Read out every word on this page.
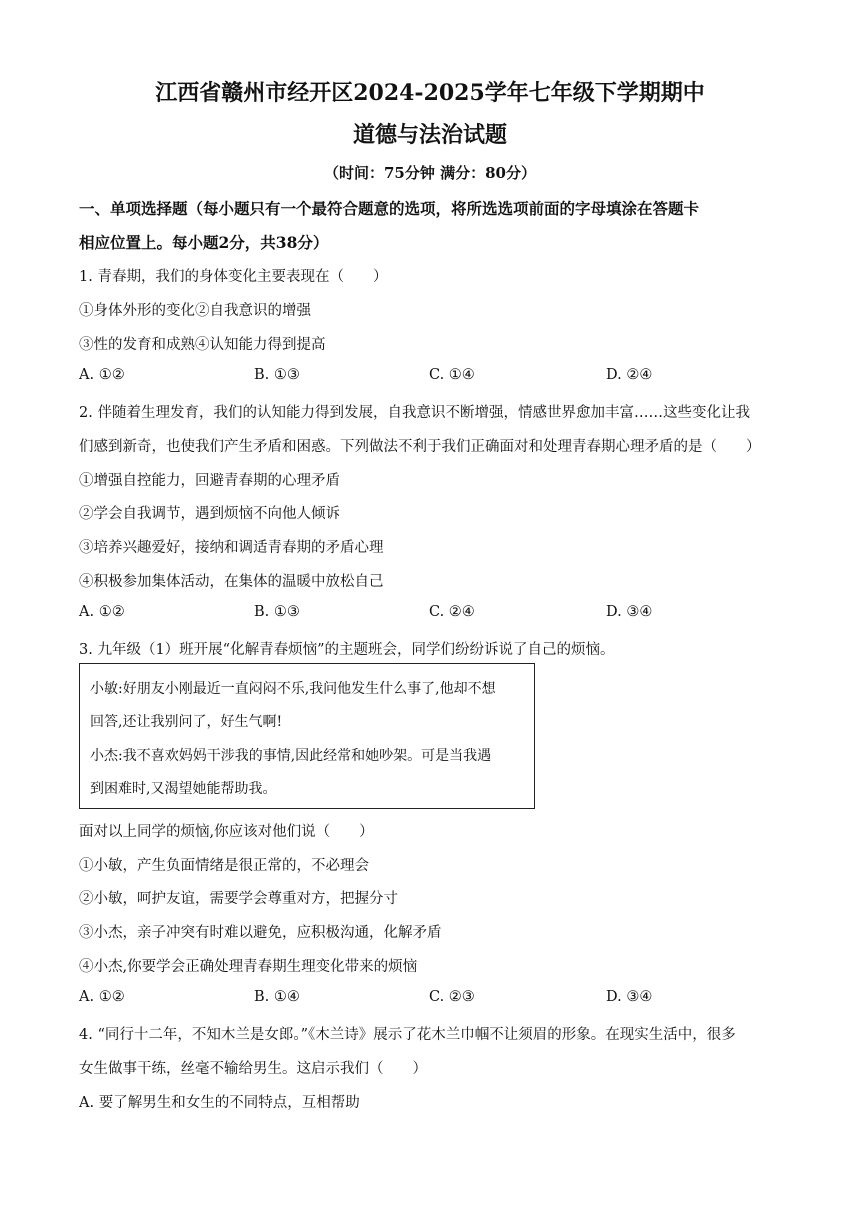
江西省赣州市经开区2024-2025学年七年级下学期期中
道德与法治试题
（时间：75分钟 满分：80分）
一、单项选择题（每小题只有一个最符合题意的选项，将所选选项前面的字母填涂在答题卡
相应位置上。每小题2分，共38分）
1. 青春期，我们的身体变化主要表现在（　　）
①身体外形的变化②自我意识的增强
③性的发育和成熟④认知能力得到提高
A. ①②	B. ①③	C. ①④	D. ②④
2. 伴随着生理发育，我们的认知能力得到发展，自我意识不断增强，情感世界愈加丰富……这些变化让我
们感到新奇，也使我们产生矛盾和困惑。下列做法不利于我们正确面对和处理青春期心理矛盾的是（　　）
①增强自控能力，回避青春期的心理矛盾
②学会自我调节，遇到烦恼不向他人倾诉
③培养兴趣爱好，接纳和调适青春期的矛盾心理
④积极参加集体活动，在集体的温暖中放松自己
A. ①②	B. ①③	C. ②④	D. ③④
3. 九年级（1）班开展“化解青春烦恼”的主题班会，同学们纷纷诉说了自己的烦恼。
小敏:好朋友小刚最近一直闷闷不乐,我问他发生什么事了,他却不想
回答,还让我别问了，好生气啊!
小杰:我不喜欢妈妈干涉我的事情,因此经常和她吵架。可是当我遇
到困难时,又渴望她能帮助我。
面对以上同学的烦恼,你应该对他们说（　　）
①小敏，产生负面情绪是很正常的，不必理会
②小敏，呵护友谊，需要学会尊重对方，把握分寸
③小杰，亲子冲突有时难以避免，应积极沟通，化解矛盾
④小杰,你要学会正确处理青春期生理变化带来的烦恼
A. ①②	B. ①④	C. ②③	D. ③④
4. “同行十二年，不知木兰是女郎。”《木兰诗》展示了花木兰巾帼不让须眉的形象。在现实生活中，很多
女生做事干练，丝毫不输给男生。这启示我们（　　）
A. 要了解男生和女生的不同特点，互相帮助
